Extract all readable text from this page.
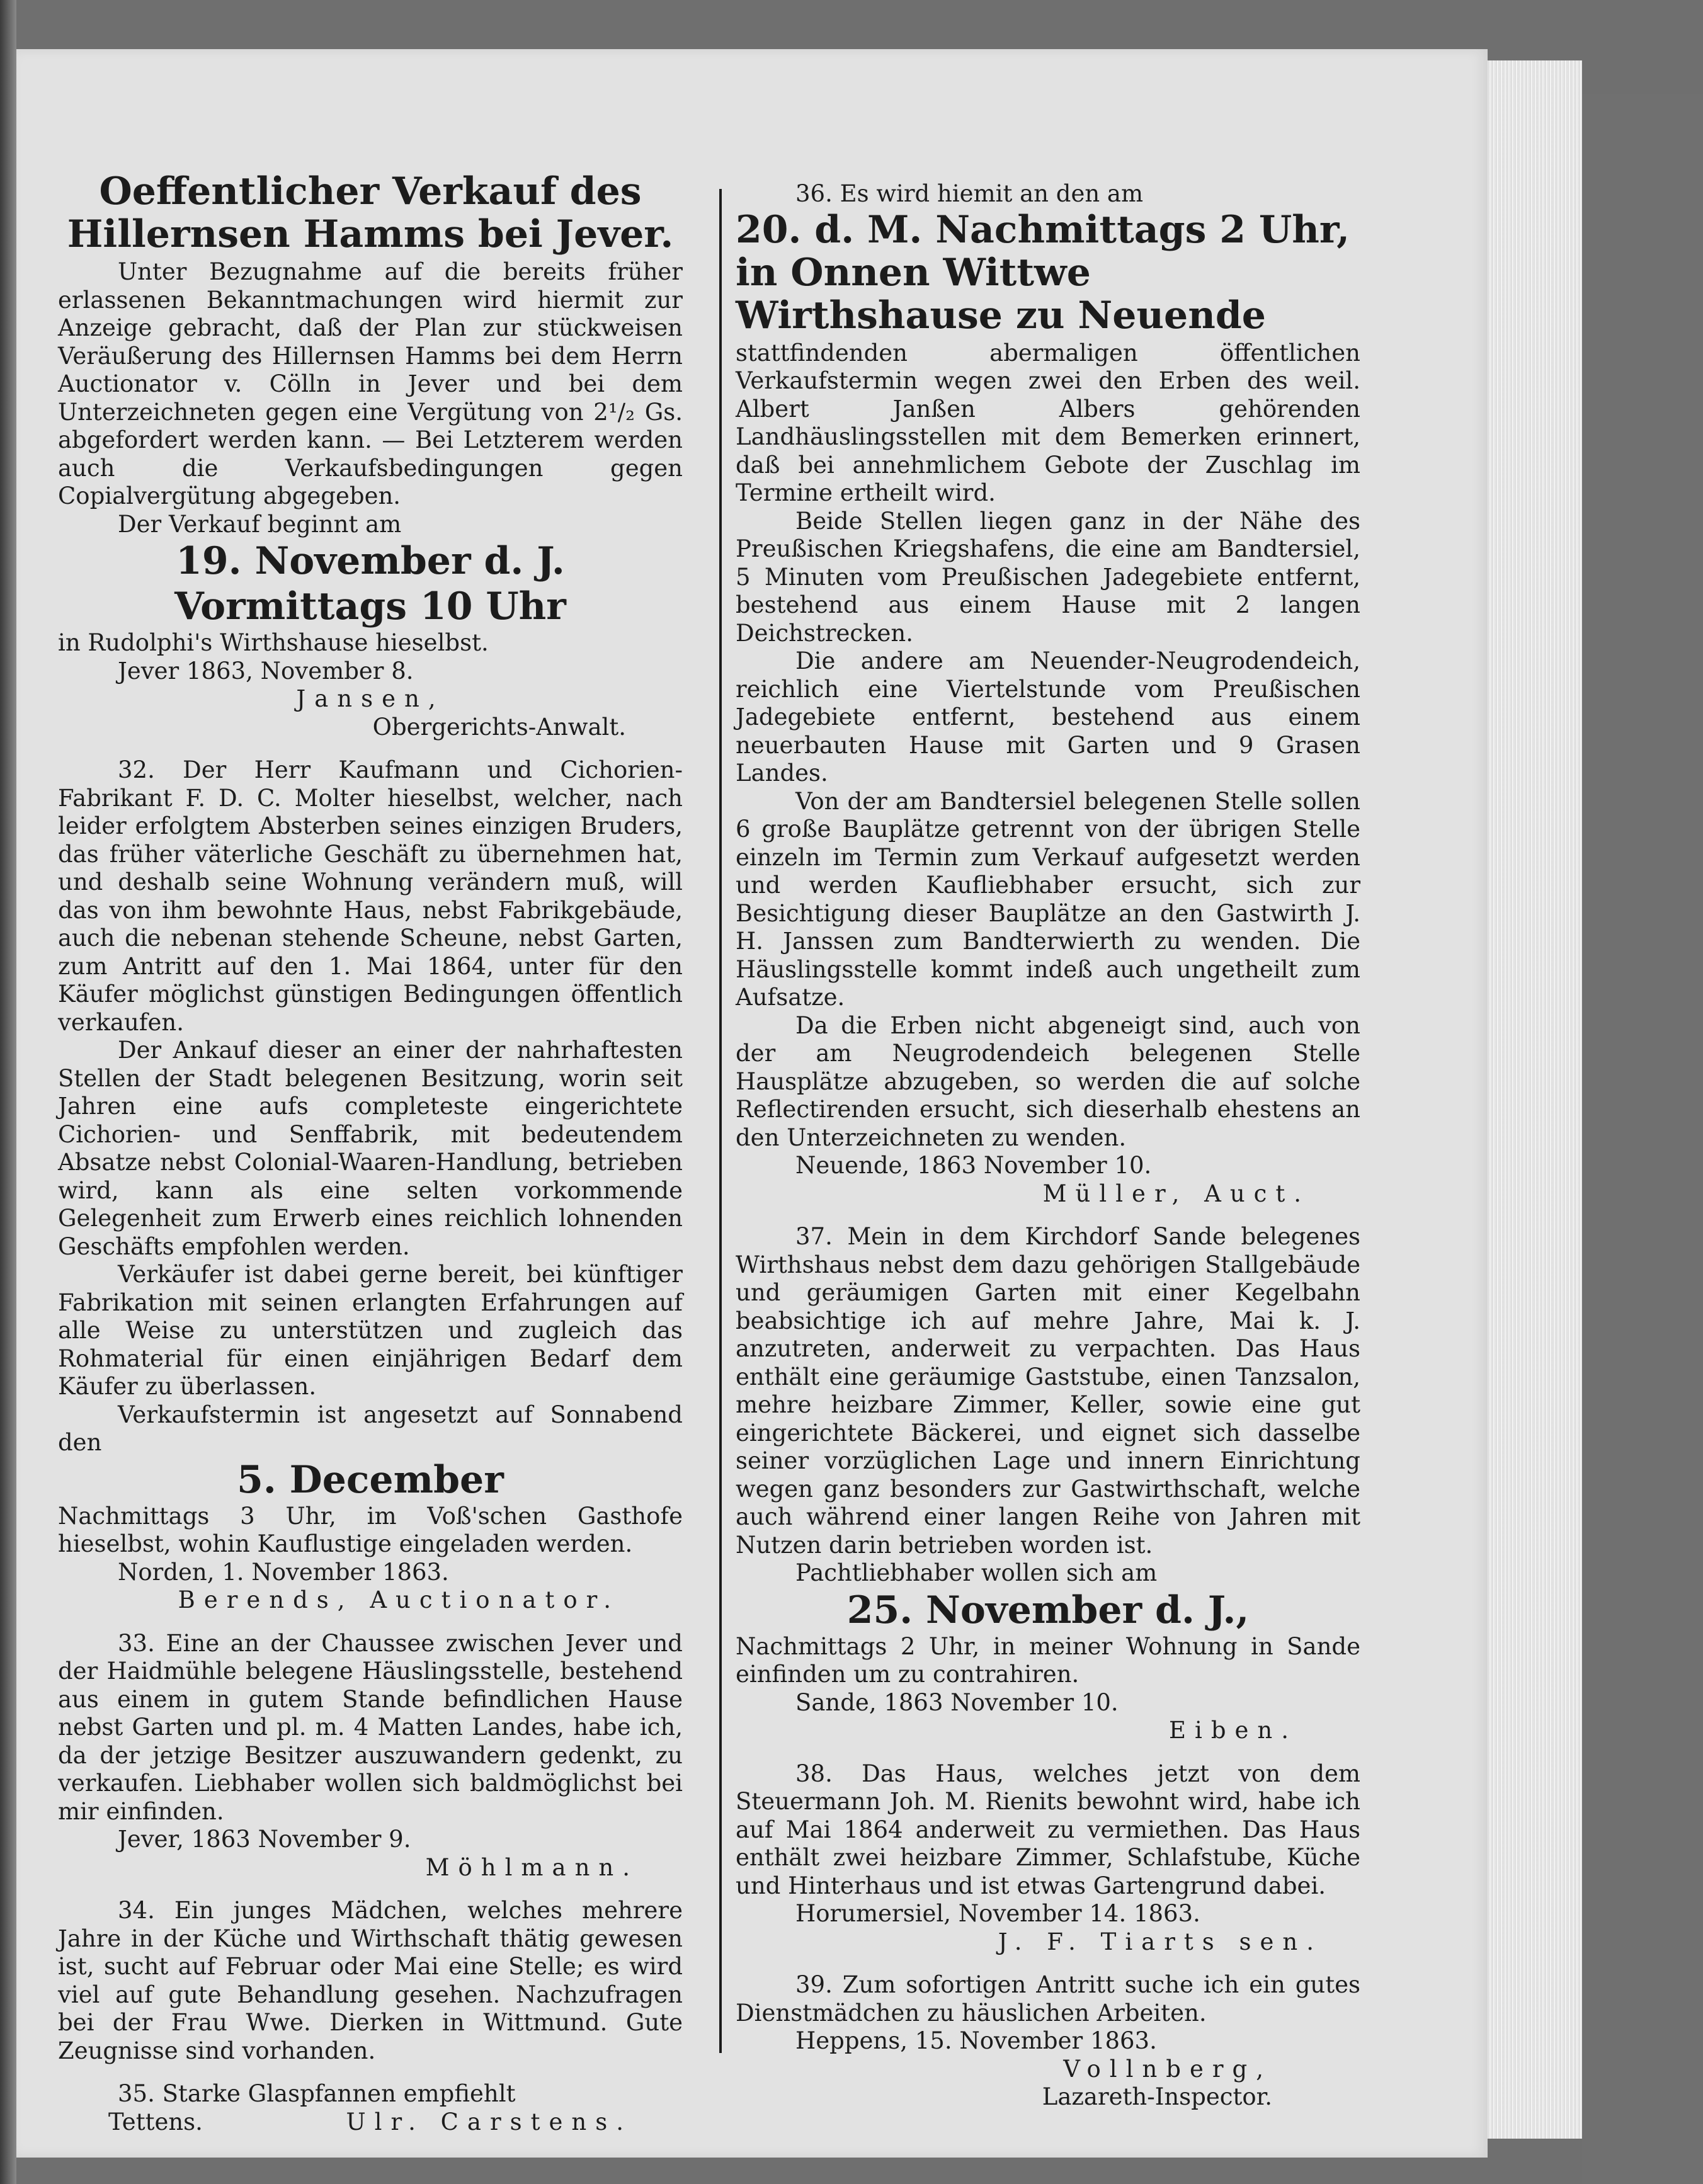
Oeffentlicher Verkauf des Hillernsen Hamms bei Jever.

Unter Bezugnahme auf die bereits früher erlassenen Bekanntmachungen wird hiermit zur Anzeige gebracht, daß der Plan zur stückweisen Veräußerung des Hillernsen Hamms bei dem Herrn Auctionator v. Cölln in Jever und bei dem Unterzeichneten gegen eine Vergütung von 2¹/₂ Gs. abgefordert werden kann. — Bei Letzterem werden auch die Verkaufsbedingungen gegen Copialvergütung abgegeben.

Der Verkauf beginnt am

19. November d. J.
Vormittags 10 Uhr

in Rudolphi's Wirthshause hieselbst.

Jever 1863, November 8.

Jansen,
Obergerichts-Anwalt.

32. Der Herr Kaufmann und Cichorien-Fabrikant F. D. C. Molter hieselbst, welcher, nach leider erfolgtem Absterben seines einzigen Bruders, das früher väterliche Geschäft zu übernehmen hat, und deshalb seine Wohnung verändern muß, will das von ihm bewohnte Haus, nebst Fabrikgebäude, auch die nebenan stehende Scheune, nebst Garten, zum Antritt auf den 1. Mai 1864, unter für den Käufer möglichst günstigen Bedingungen öffentlich verkaufen.

Der Ankauf dieser an einer der nahrhaftesten Stellen der Stadt belegenen Besitzung, worin seit Jahren eine aufs completeste eingerichtete Cichorien- und Senffabrik, mit bedeutendem Absatze nebst Colonial-Waaren-Handlung, betrieben wird, kann als eine selten vorkommende Gelegenheit zum Erwerb eines reichlich lohnenden Geschäfts empfohlen werden.

Verkäufer ist dabei gerne bereit, bei künftiger Fabrikation mit seinen erlangten Erfahrungen auf alle Weise zu unterstützen und zugleich das Rohmaterial für einen einjährigen Bedarf dem Käufer zu überlassen.

Verkaufstermin ist angesetzt auf Sonnabend den

5. December

Nachmittags 3 Uhr, im Voß'schen Gasthofe hieselbst, wohin Kauflustige eingeladen werden.

Norden, 1. November 1863.

Berends, Auctionator.

33. Eine an der Chaussee zwischen Jever und der Haidmühle belegene Häuslingsstelle, bestehend aus einem in gutem Stande befindlichen Hause nebst Garten und pl. m. 4 Matten Landes, habe ich, da der jetzige Besitzer auszuwandern gedenkt, zu verkaufen. Liebhaber wollen sich baldmöglichst bei mir einfinden.

Jever, 1863 November 9.

Möhlmann.

34. Ein junges Mädchen, welches mehrere Jahre in der Küche und Wirthschaft thätig gewesen ist, sucht auf Februar oder Mai eine Stelle; es wird viel auf gute Behandlung gesehen. Nachzufragen bei der Frau Wwe. Dierken in Wittmund. Gute Zeugnisse sind vorhanden.

35. Starke Glaspfannen empfiehlt

Tettens.	Ulr. Carstens.

36. Es wird hiemit an den am

20. d. M. Nachmittags 2 Uhr, in Onnen Wittwe Wirthshause zu Neuende

stattfindenden abermaligen öffentlichen Verkaufstermin wegen zwei den Erben des weil. Albert Janßen Albers gehörenden Landhäuslingsstellen mit dem Bemerken erinnert, daß bei annehmlichem Gebote der Zuschlag im Termine ertheilt wird.

Beide Stellen liegen ganz in der Nähe des Preußischen Kriegshafens, die eine am Bandtersiel, 5 Minuten vom Preußischen Jadegebiete entfernt, bestehend aus einem Hause mit 2 langen Deichstrecken.

Die andere am Neuender-Neugrodendeich, reichlich eine Viertelstunde vom Preußischen Jadegebiete entfernt, bestehend aus einem neuerbauten Hause mit Garten und 9 Grasen Landes.

Von der am Bandtersiel belegenen Stelle sollen 6 große Bauplätze getrennt von der übrigen Stelle einzeln im Termin zum Verkauf aufgesetzt werden und werden Kaufliebhaber ersucht, sich zur Besichtigung dieser Bauplätze an den Gastwirth J. H. Janssen zum Bandterwierth zu wenden. Die Häuslingsstelle kommt indeß auch ungetheilt zum Aufsatze.

Da die Erben nicht abgeneigt sind, auch von der am Neugrodendeich belegenen Stelle Hausplätze abzugeben, so werden die auf solche Reflectirenden ersucht, sich dieserhalb ehestens an den Unterzeichneten zu wenden.

Neuende, 1863 November 10.

Müller, Auct.

37. Mein in dem Kirchdorf Sande belegenes Wirthshaus nebst dem dazu gehörigen Stallgebäude und geräumigen Garten mit einer Kegelbahn beabsichtige ich auf mehre Jahre, Mai k. J. anzutreten, anderweit zu verpachten. Das Haus enthält eine geräumige Gaststube, einen Tanzsalon, mehre heizbare Zimmer, Keller, sowie eine gut eingerichtete Bäckerei, und eignet sich dasselbe seiner vorzüglichen Lage und innern Einrichtung wegen ganz besonders zur Gastwirthschaft, welche auch während einer langen Reihe von Jahren mit Nutzen darin betrieben worden ist.

Pachtliebhaber wollen sich am

25. November d. J.,

Nachmittags 2 Uhr, in meiner Wohnung in Sande einfinden um zu contrahiren.

Sande, 1863 November 10.

Eiben.

38. Das Haus, welches jetzt von dem Steuermann Joh. M. Rienits bewohnt wird, habe ich auf Mai 1864 anderweit zu vermiethen. Das Haus enthält zwei heizbare Zimmer, Schlafstube, Küche und Hinterhaus und ist etwas Gartengrund dabei.

Horumersiel, November 14. 1863.

J. F. Tiarts sen.

39. Zum sofortigen Antritt suche ich ein gutes Dienstmädchen zu häuslichen Arbeiten.

Heppens, 15. November 1863.

Vollnberg,
Lazareth-Inspector.
